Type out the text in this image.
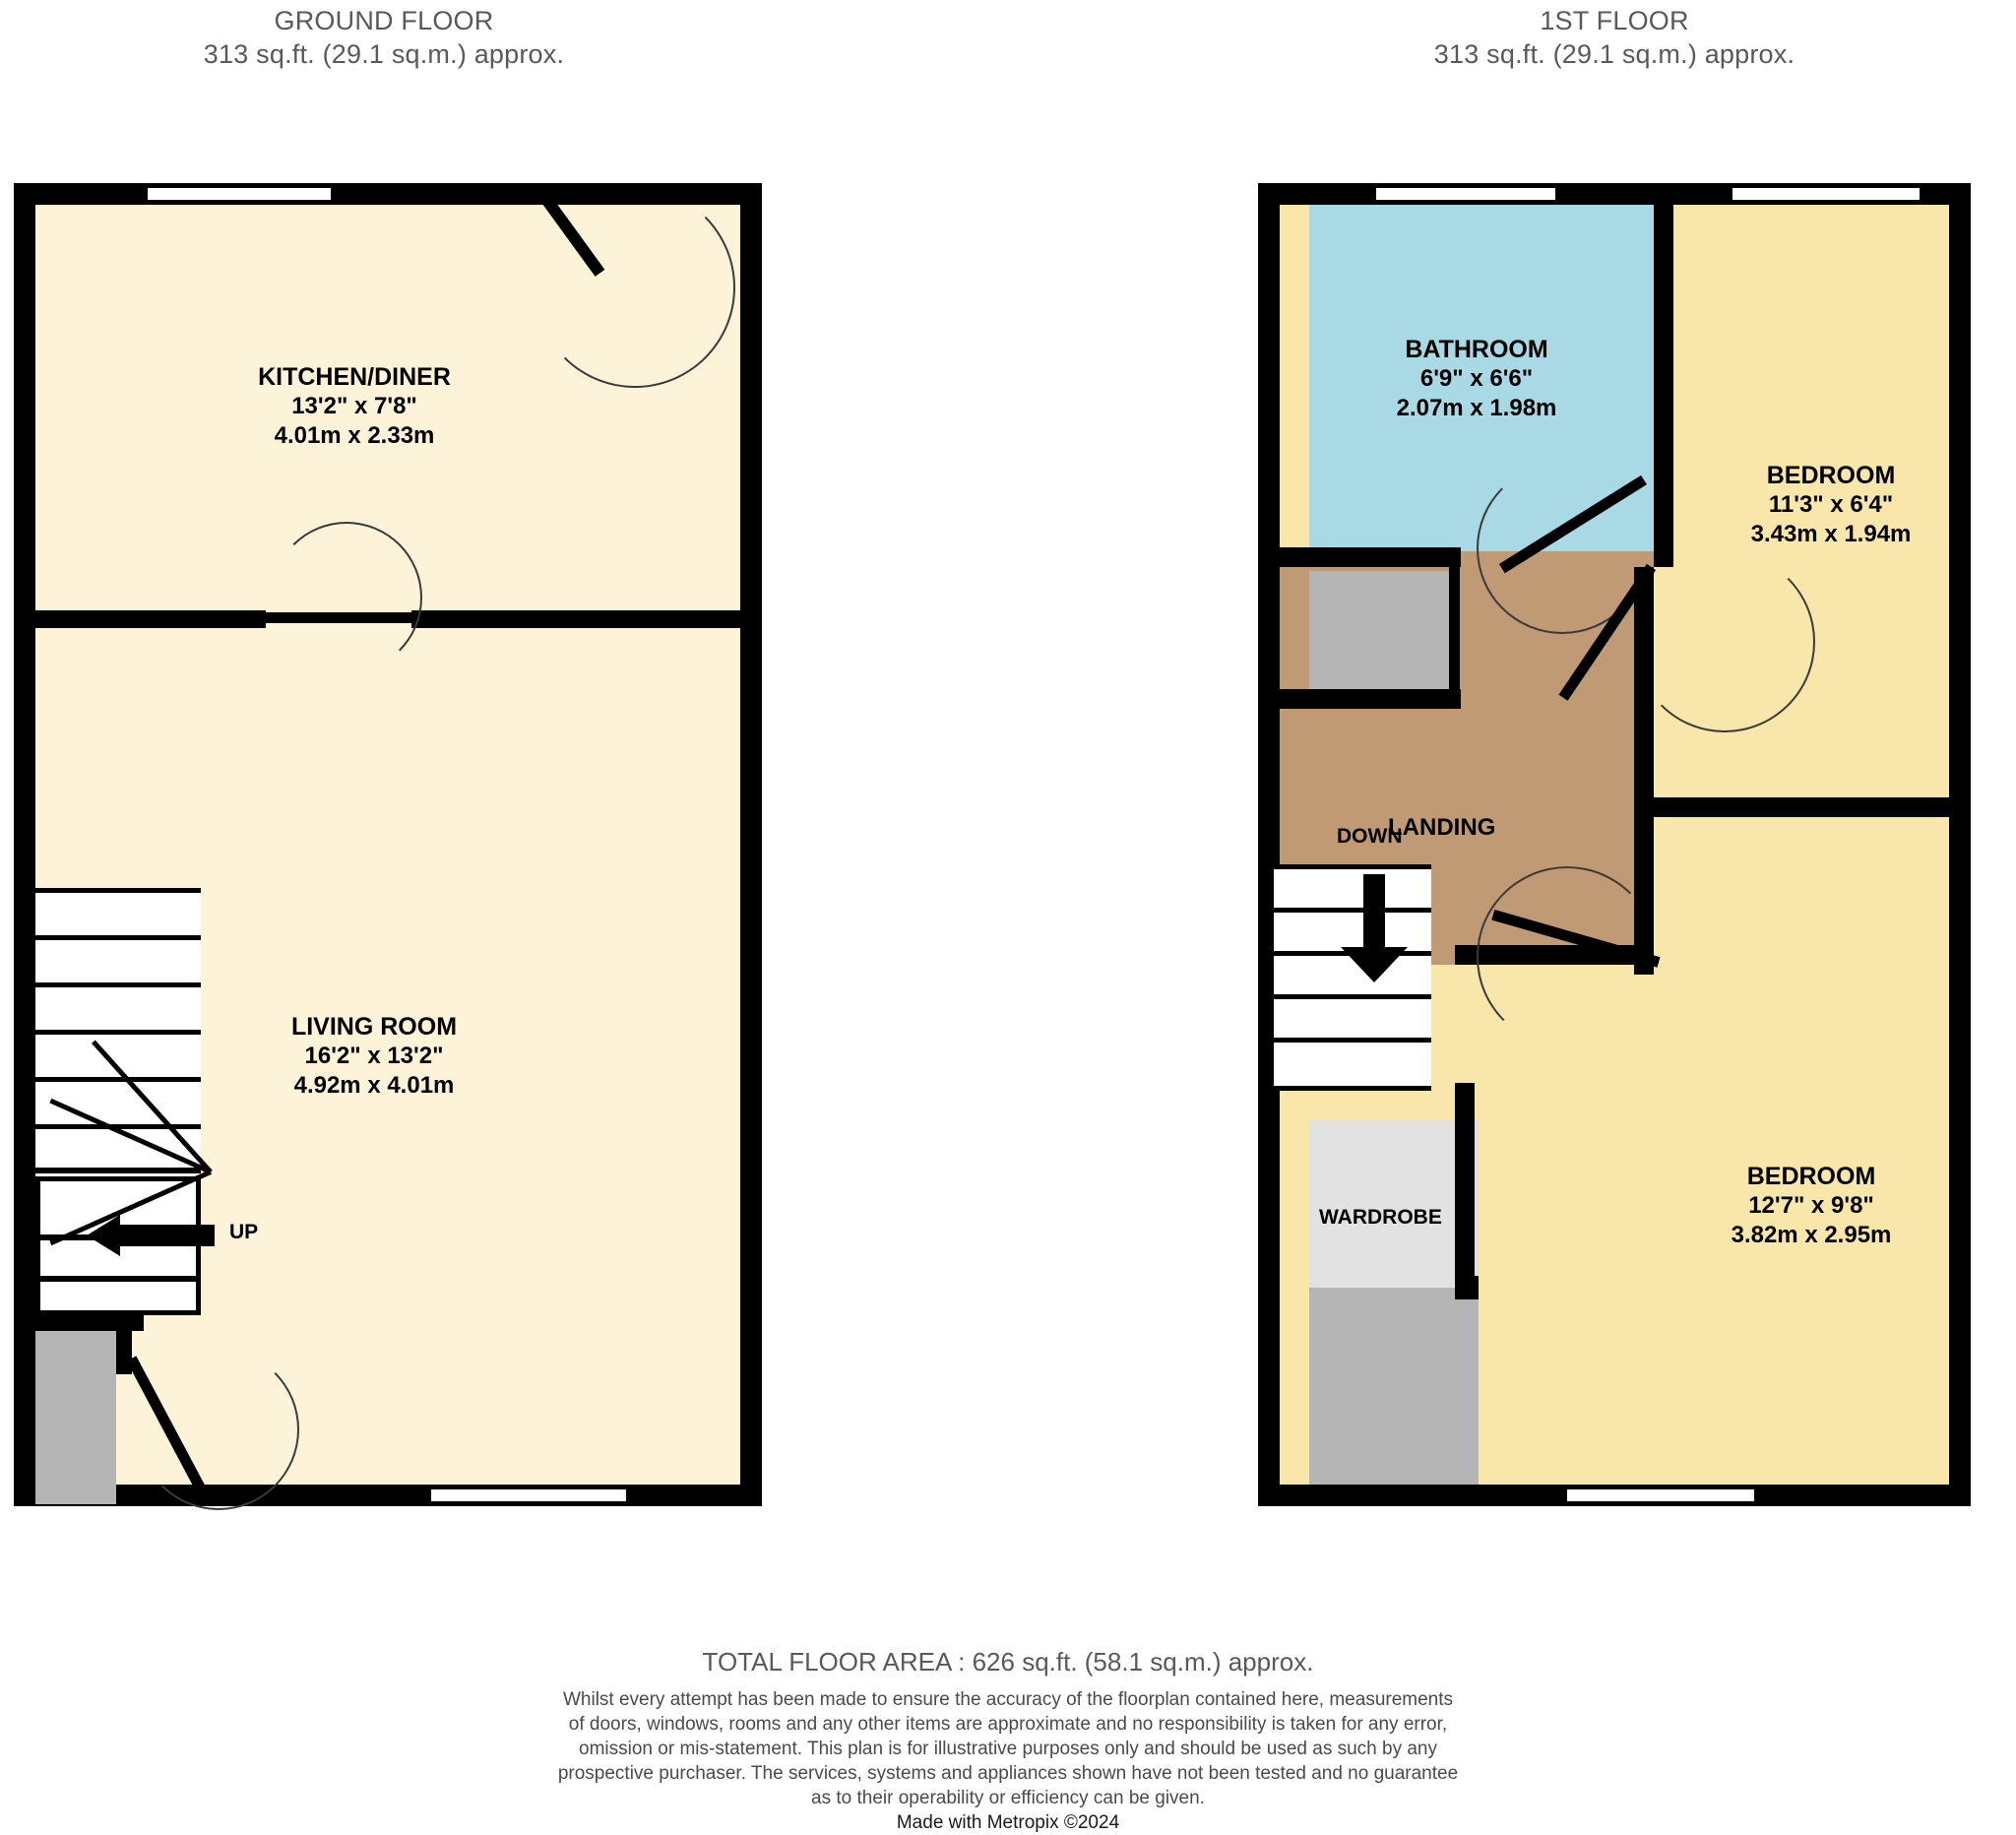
GROUND FLOOR
313 sq.ft. (29.1 sq.m.) approx.
UP
KITCHEN/DINER
13'2" x 7'8"
4.01m x 2.33m
LIVING ROOM
16'2" x 13'2"
4.92m x 4.01m
1ST FLOOR
313 sq.ft. (29.1 sq.m.) approx.
DOWN
BATHROOM
6'9" x 6'6"
2.07m x 1.98m
BEDROOM
11'3" x 6'4"
3.43m x 1.94m
BEDROOM
12'7" x 9'8"
3.82m x 2.95m
LANDING
WARDROBE
TOTAL FLOOR AREA : 626 sq.ft. (58.1 sq.m.) approx.
Whilst every attempt has been made to ensure the accuracy of the floorplan contained here, measurements
of doors, windows, rooms and any other items are approximate and no responsibility is taken for any error,
omission or mis-statement. This plan is for illustrative purposes only and should be used as such by any
prospective purchaser. The services, systems and appliances shown have not been tested and no guarantee
as to their operability or efficiency can be given.
Made with Metropix ©2024
